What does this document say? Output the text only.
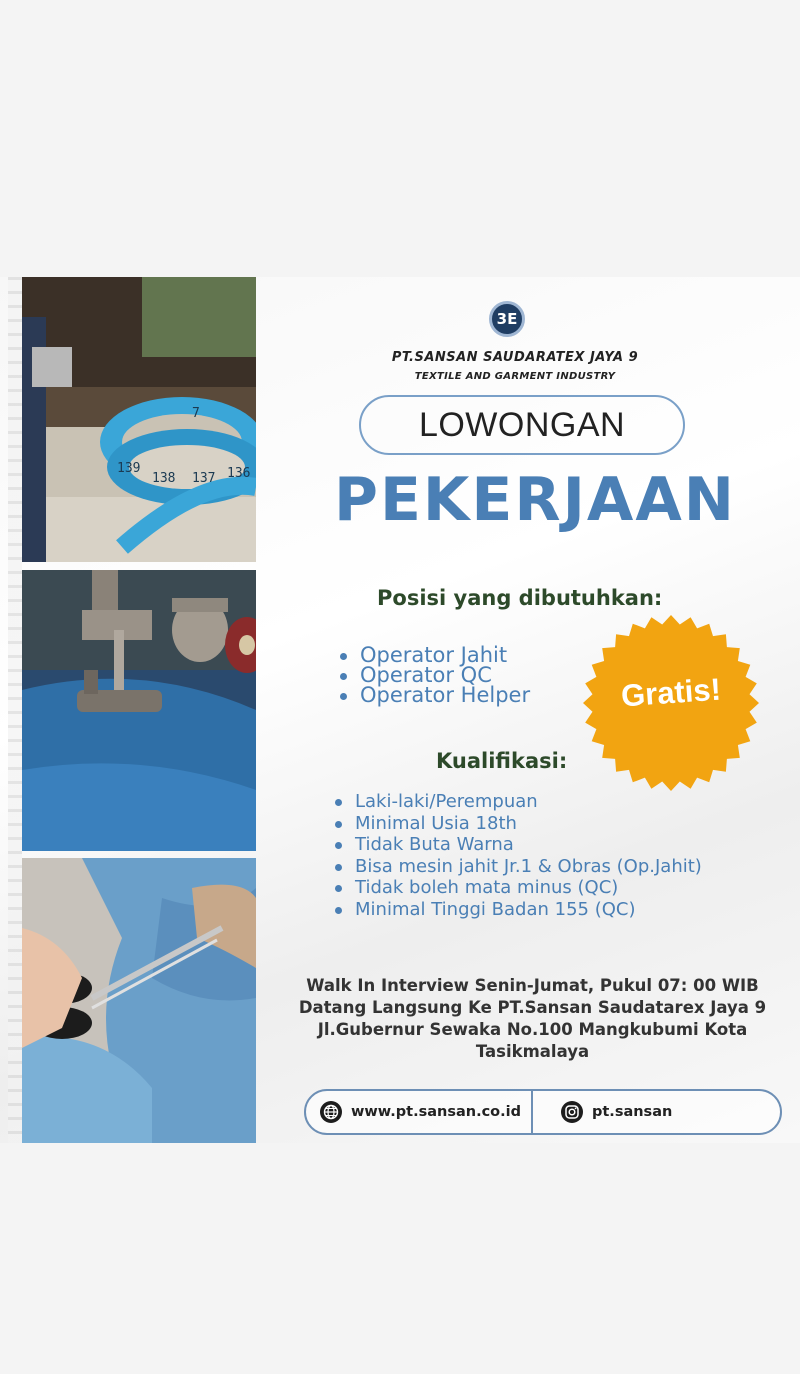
7
139
138 137 136
3E
PT.SANSAN SAUDARATEX JAYA 9
TEXTILE AND GARMENT INDUSTRY
LOWONGAN
PEKERJAAN
Posisi yang dibutuhkan:
Operator Jahit
Operator QC
Operator Helper	Gratis!
Kualifikasi:
Laki-laki/Perempuan
Minimal Usia 18th
Tidak Buta Warna
Bisa mesin jahit Jr.1 & Obras (Op.Jahit)
Tidak boleh mata minus (QC)
Minimal Tinggi Badan 155 (QC)
Walk In Interview Senin-Jumat, Pukul 07: 00 WIB
Datang Langsung Ke PT.Sansan Saudatarex Jaya 9
Jl.Gubernur Sewaka No.100 Mangkubumi Kota
Tasikmalaya
www.pt.sansan.co.id	pt.sansan
